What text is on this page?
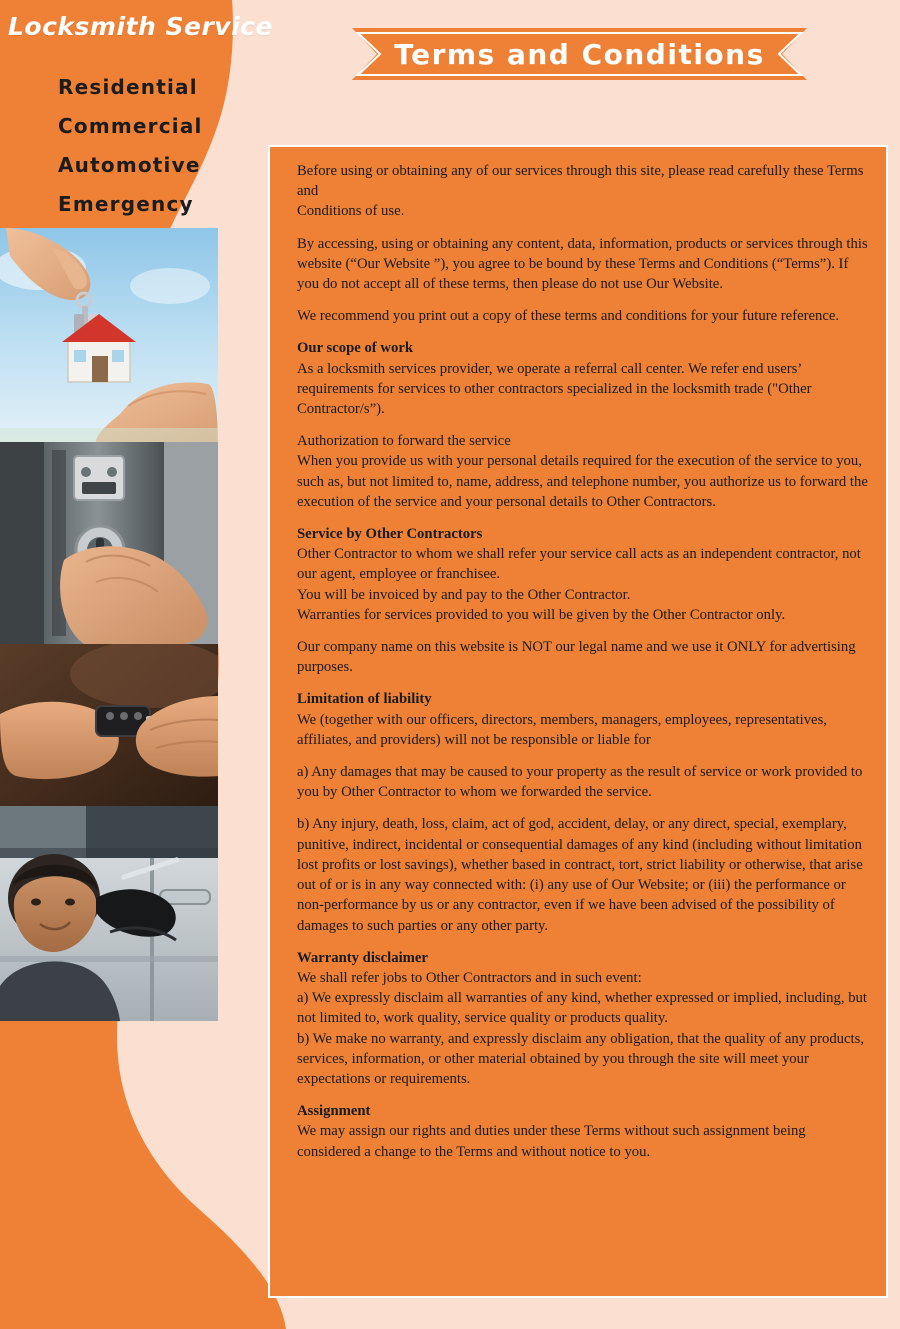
Locksmith Service
Residential
Commercial
Automotive
Emergency
Terms and Conditions

Before using or obtaining any of our services through this site, please read carefully these Terms and

Conditions of use.

By accessing, using or obtaining any content, data, information, products or services through this website (“Our Website ”), you agree to be bound by these Terms and Conditions (“Terms”). If you do not accept all of these terms, then please do not use Our Website.

We recommend you print out a copy of these terms and conditions for your future reference.

Our scope of work

As a locksmith services provider, we operate a referral call center. We refer end users’ requirements for services to other contractors specialized in the locksmith trade ("Other Contractor/s”).

Authorization to forward the service

When you provide us with your personal details required for the execution of the service to you, such as, but not limited to, name, address, and telephone number, you authorize us to forward the execution of the service and your personal details to Other Contractors.

Service by Other Contractors

Other Contractor to whom we shall refer your service call acts as an independent contractor, not our agent, employee or franchisee.

You will be invoiced by and pay to the Other Contractor.

Warranties for services provided to you will be given by the Other Contractor only.

Our company name on this website is NOT our legal name and we use it ONLY for advertising purposes.

Limitation of liability

We (together with our officers, directors, members, managers, employees, representatives, affiliates, and providers) will not be responsible or liable for

a) Any damages that may be caused to your property as the result of service or work provided to you by Other Contractor to whom we forwarded the service.

b) Any injury, death, loss, claim, act of god, accident, delay, or any direct, special, exemplary, punitive, indirect, incidental or consequential damages of any kind (including without limitation lost profits or lost savings), whether based in contract, tort, strict liability or otherwise, that arise out of or is in any way connected with: (i) any use of Our Website; or (iii) the performance or non-performance by us or any contractor, even if we have been advised of the possibility of damages to such parties or any other party.

Warranty disclaimer

We shall refer jobs to Other Contractors and in such event:

a) We expressly disclaim all warranties of any kind, whether expressed or implied, including, but not limited to, work quality, service quality or products quality.

b) We make no warranty, and expressly disclaim any obligation, that the quality of any products, services, information, or other material obtained by you through the site will meet your expectations or requirements.

Assignment

We may assign our rights and duties under these Terms without such assignment being considered a change to the Terms and without notice to you.
